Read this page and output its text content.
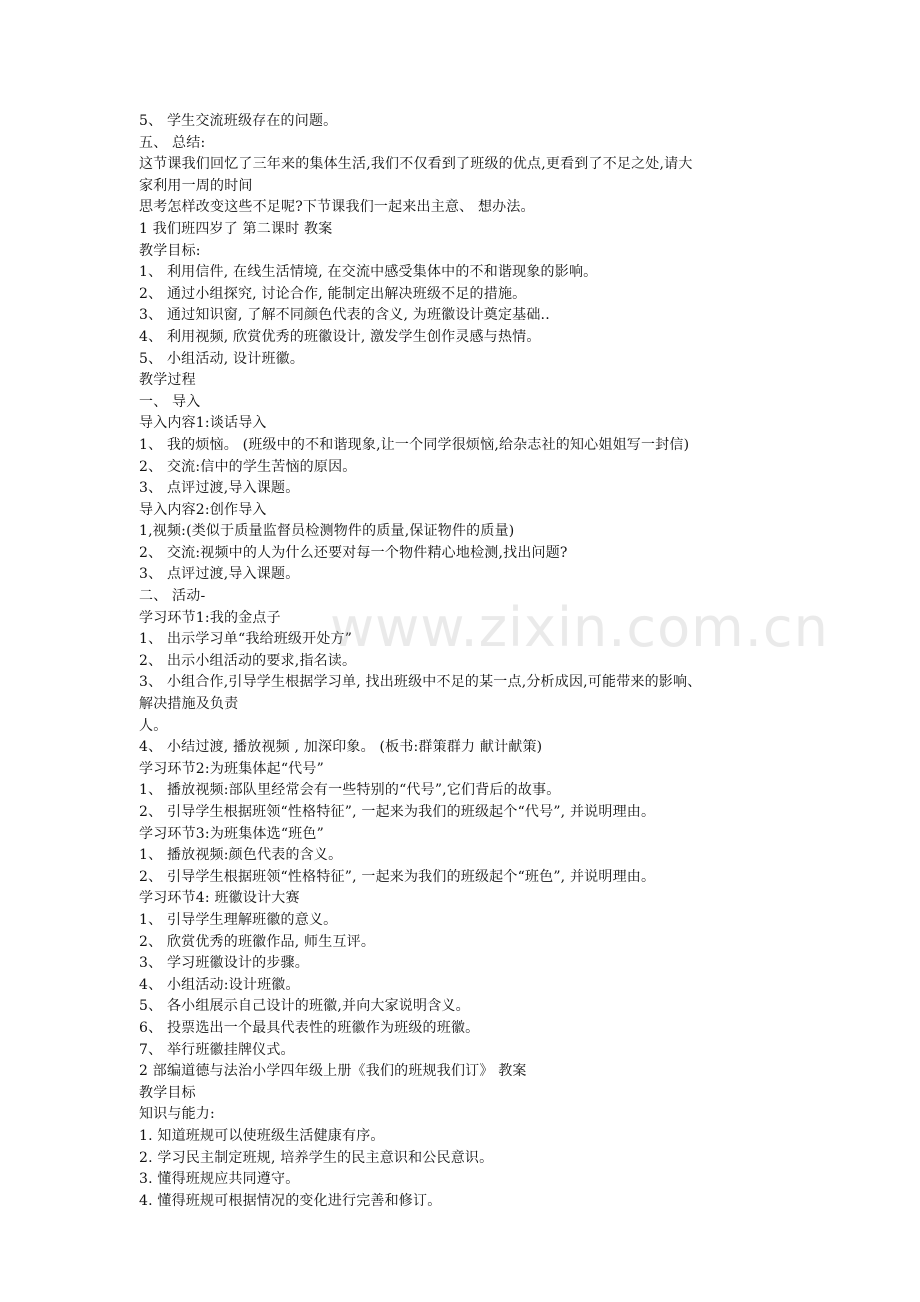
5、 学生交流班级存在的问题。
五、 总结:
这节课我们回忆了三年来的集体生活,我们不仅看到了班级的优点,更看到了不足之处,请大
家利用一周的时间
思考怎样改变这些不足呢?下节课我们一起来出主意、 想办法。
1 我们班四岁了 第二课时 教案
教学目标:
1、 利用信件, 在线生活情境, 在交流中感受集体中的不和谐现象的影响。
2、 通过小组探究, 讨论合作, 能制定出解决班级不足的措施。
3、 通过知识窗, 了解不同颜色代表的含义, 为班徽设计奠定基础..
4、 利用视频, 欣赏优秀的班徽设计, 激发学生创作灵感与热情。
5、 小组活动, 设计班徽。
教学过程
一、 导入
导入内容1:谈话导入
1、 我的烦恼。 (班级中的不和谐现象,让一个同学很烦恼,给杂志社的知心姐姐写一封信)
2、 交流:信中的学生苦恼的原因。
3、 点评过渡,导入课题。
导入内容2:创作导入
1,视频:(类似于质量监督员检测物件的质量,保证物件的质量)
2、 交流:视频中的人为什么还要对每一个物件精心地检测,找出问题?
3、 点评过渡,导入课题。
二、 活动-
学习环节1:我的金点子
1、 出示学习单“我给班级开处方”
2、 出示小组活动的要求,指名读。
3、 小组合作,引导学生根据学习单, 找出班级中不足的某一点,分析成因,可能带来的影响、
解决措施及负责
人。
4、 小结过渡, 播放视频 , 加深印象。 (板书:群策群力 献计献策)
学习环节2:为班集体起“代号”
1、 播放视频:部队里经常会有一些特别的“代号”,它们背后的故事。
2、 引导学生根据班领“性格特征”, 一起来为我们的班级起个“代号”, 并说明理由。
学习环节3:为班集体选“班色”
1、 播放视频:颜色代表的含义。
2、 引导学生根据班领“性格特征”, 一起来为我们的班级起个“班色”, 并说明理由。
学习环节4: 班徽设计大赛
1、 引导学生理解班徽的意义。
2、 欣赏优秀的班徽作品, 师生互评。
3、 学习班徽设计的步骤。
4、 小组活动:设计班徽。
5、 各小组展示自己设计的班徽,并向大家说明含义。
6、 投票选出一个最具代表性的班徽作为班级的班徽。
7、 举行班徽挂牌仪式。
2 部编道德与法治小学四年级上册《我们的班规我们订》 教案
教学目标
知识与能力:
1. 知道班规可以使班级生活健康有序。
2. 学习民主制定班规, 培养学生的民主意识和公民意识。
3. 懂得班规应共同遵守。
4. 懂得班规可根据情况的变化进行完善和修订。
www.zixin.com.cn
